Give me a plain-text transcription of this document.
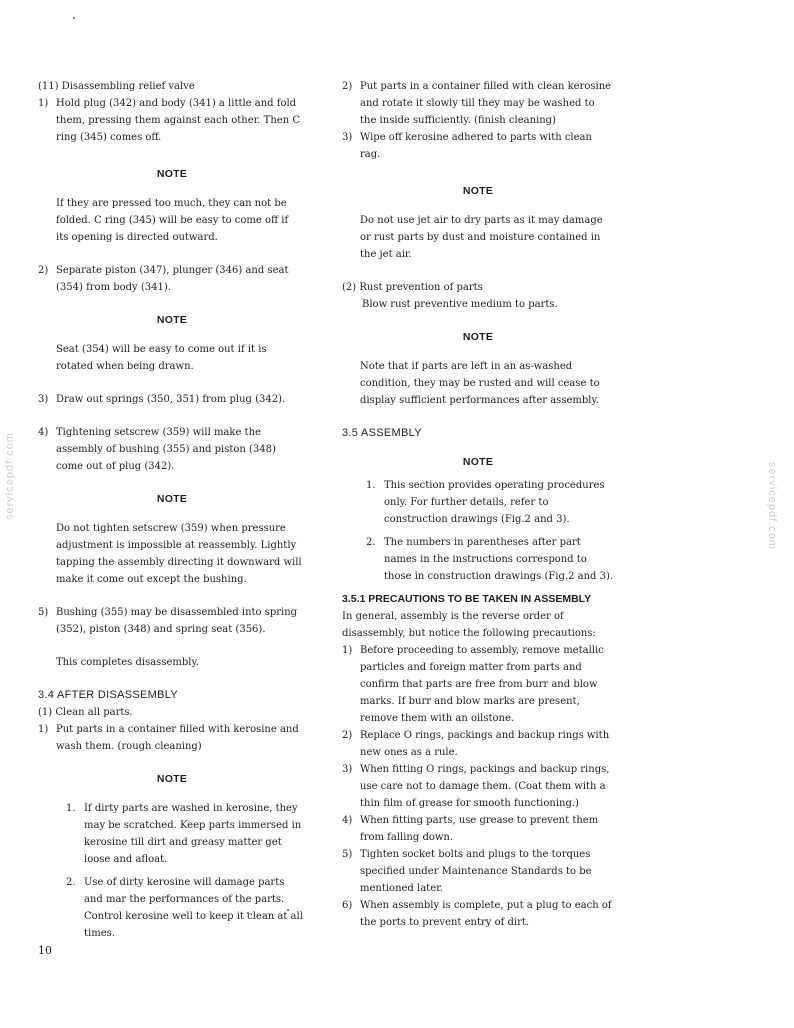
servicepdf.com	servicepdf.com

(11) Disassembling relief valve

1) Hold plug (342) and body (341) a little and fold them, pressing them against each other. Then C ring (345) comes off.
NOTE
If they are pressed too much, they can not be folded. C ring (345) will be easy to come off if its opening is directed outward.
2) Separate piston (347), plunger (346) and seat (354) from body (341).
NOTE
Seat (354) will be easy to come out if it is rotated when being drawn.
3) Draw out springs (350, 351) from plug (342).
4) Tightening setscrew (359) will make the assembly of bushing (355) and piston (348) come out of plug (342).
NOTE
Do not tighten setscrew (359) when pressure adjustment is impossible at reassembly. Lightly tapping the assembly directing it downward will make it come out except the bushing.
5) Bushing (355) may be disassembled into spring (352), piston (348) and spring seat (356).

This completes disassembly.

3.4 AFTER DISASSEMBLY

(1) Clean all parts.

1) Put parts in a container filled with kerosine and wash them. (rough cleaning)
NOTE
1. If dirty parts are washed in kerosine, they may be scratched. Keep parts immersed in kerosine till dirt and greasy matter get loose and afloat.
2. Use of dirty kerosine will damage parts and mar the performances of the parts. Control kerosine well to keep it clean at all times.
2) Put parts in a container filled with clean kerosine and rotate it slowly till they may be washed to the inside sufficiently. (finish cleaning)
3) Wipe off kerosine adhered to parts with clean rag.
NOTE
Do not use jet air to dry parts as it may damage or rust parts by dust and moisture contained in the jet air.

(2) Rust prevention of parts

Blow rust preventive medium to parts.

NOTE
Note that if parts are left in an as-washed condition, they may be rusted and will cease to display sufficient performances after assembly.
3.5 ASSEMBLY
NOTE
1. This section provides operating procedures only. For further details, refer to construction drawings (Fig.2 and 3).
2. The numbers in parentheses after part names in the instructions correspond to those in construction drawings (Fig.2 and 3).
3.5.1 PRECAUTIONS TO BE TAKEN IN ASSEMBLY

In general, assembly is the reverse order of disassembly, but notice the following precautions:

1) Before proceeding to assembly, remove metallic particles and foreign matter from parts and confirm that parts are free from burr and blow marks. If burr and blow marks are present, remove them with an oilstone.
2) Replace O rings, packings and backup rings with new ones as a rule.
3) When fitting O rings, packings and backup rings, use care not to damage them. (Coat them with a thin film of grease for smooth functioning.)
4) When fitting parts, use grease to prevent them from falling down.
5) Tighten socket bolts and plugs to the torques specified under Maintenance Standards to be mentioned later.
6) When assembly is complete, put a plug to each of the ports to prevent entry of dirt.
10
